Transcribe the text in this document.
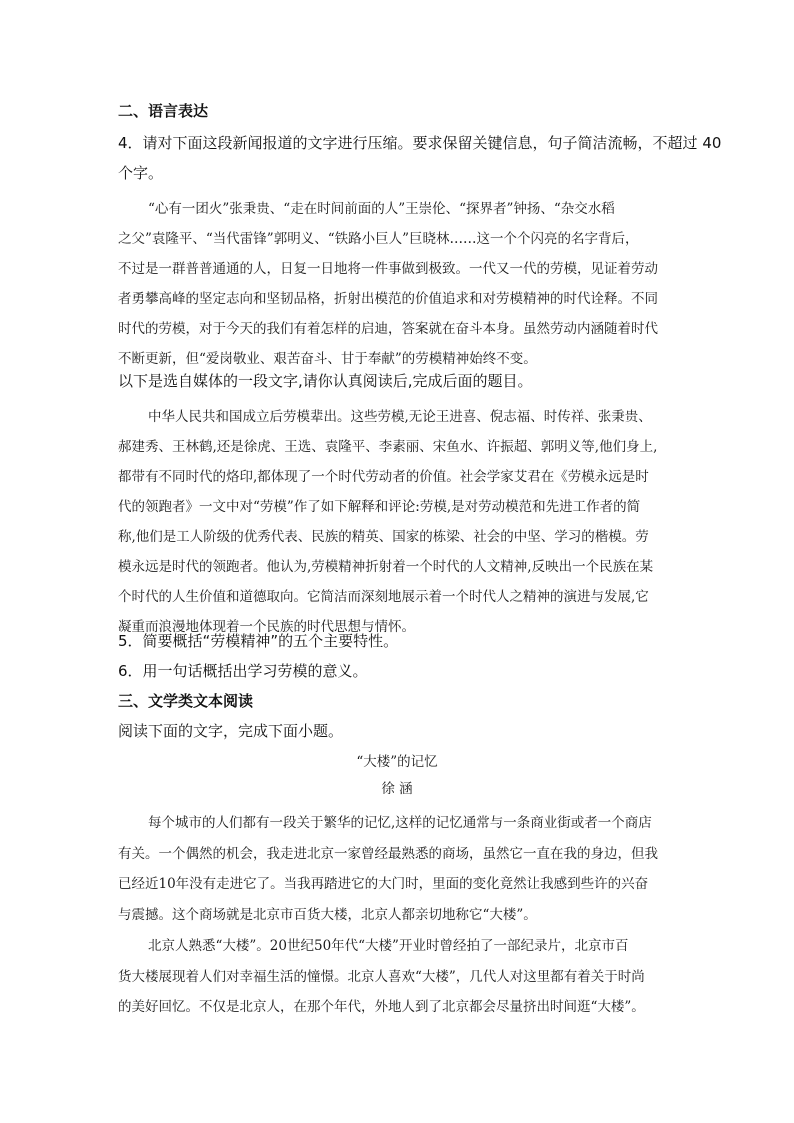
二、语言表达
4．请对下面这段新闻报道的文字进行压缩。要求保留关键信息，句子简洁流畅，不超过 40
个字。
“心有一团火”张秉贵、“走在时间前面的人”王崇伦、“探界者”钟扬、“杂交水稻
之父”袁隆平、“当代雷锋”郭明义、“铁路小巨人”巨晓林……这一个个闪亮的名字背后，
不过是一群普普通通的人，日复一日地将一件事做到极致。一代又一代的劳模，见证着劳动
者勇攀高峰的坚定志向和坚韧品格，折射出模范的价值追求和对劳模精神的时代诠释。不同
时代的劳模，对于今天的我们有着怎样的启迪，答案就在奋斗本身。虽然劳动内涵随着时代
不断更新，但“爱岗敬业、艰苦奋斗、甘于奉献”的劳模精神始终不变。
以下是选自媒体的一段文字,请你认真阅读后,完成后面的题目。
中华人民共和国成立后劳模辈出。这些劳模,无论王进喜、倪志福、时传祥、张秉贵、
郝建秀、王林鹤,还是徐虎、王选、袁隆平、李素丽、宋鱼水、许振超、郭明义等,他们身上,
都带有不同时代的烙印,都体现了一个时代劳动者的价值。社会学家艾君在《劳模永远是时
代的领跑者》一文中对“劳模”作了如下解释和评论:劳模,是对劳动模范和先进工作者的简
称,他们是工人阶级的优秀代表、民族的精英、国家的栋梁、社会的中坚、学习的楷模。劳
模永远是时代的领跑者。他认为,劳模精神折射着一个时代的人文精神,反映出一个民族在某
个时代的人生价值和道德取向。它简洁而深刻地展示着一个时代人之精神的演进与发展,它
凝重而浪漫地体现着一个民族的时代思想与情怀。
5．简要概括“劳模精神”的五个主要特性。
6．用一句话概括出学习劳模的意义。
三、文学类文本阅读
阅读下面的文字，完成下面小题。
“大楼”的记忆
徐 涵
每个城市的人们都有一段关于繁华的记忆,这样的记忆通常与一条商业街或者一个商店
有关。一个偶然的机会，我走进北京一家曾经最熟悉的商场，虽然它一直在我的身边，但我
已经近10年没有走进它了。当我再踏进它的大门时，里面的变化竟然让我感到些许的兴奋
与震撼。这个商场就是北京市百货大楼，北京人都亲切地称它“大楼”。
北京人熟悉“大楼”。20世纪50年代“大楼”开业时曾经拍了一部纪录片，北京市百
货大楼展现着人们对幸福生活的憧憬。北京人喜欢“大楼”，几代人对这里都有着关于时尚
的美好回忆。不仅是北京人，在那个年代，外地人到了北京都会尽量挤出时间逛“大楼”。
